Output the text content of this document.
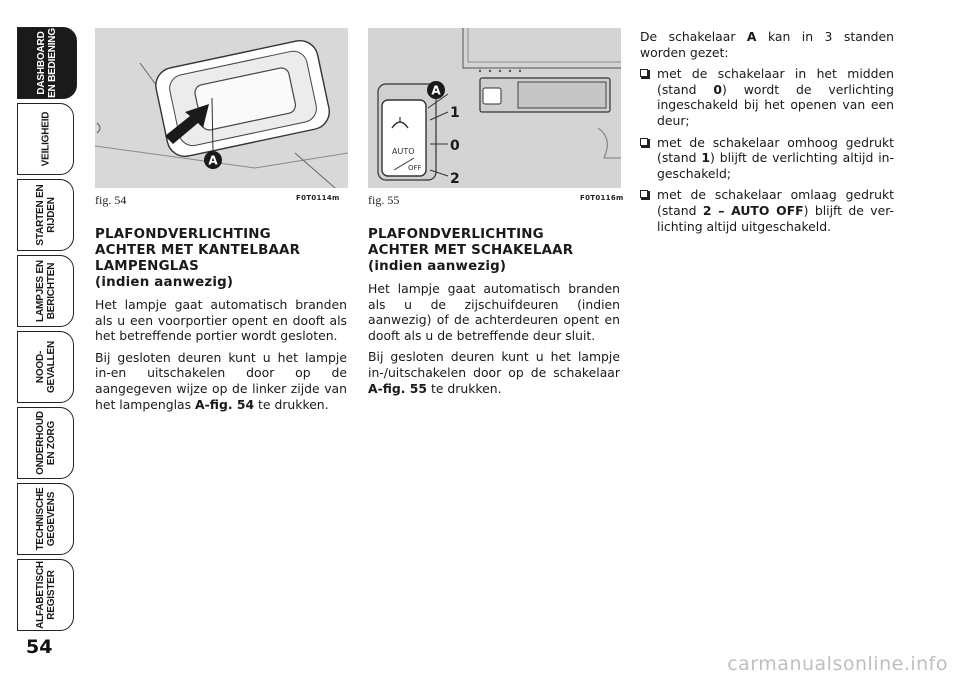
DASHBOARD
EN BEDIENING
VEILIGHEID
STARTEN EN
RIJDEN
LAMPJES EN
BERICHTEN
NOOD-
GEVALLEN
ONDERHOUD
EN ZORG
TECHNISCHE
GEGEVENS
ALFABETISCH
REGISTER
54
A
fig. 54	F0T0114m
AUTO
OFF
A
1
0
2
fig. 55	F0T0116m
PLAFONDVERLICHTING
ACHTER MET KANTELBAAR
LAMPENGLAS
(indien aanwezig)

Het lampje gaat automatisch branden als u een voorportier opent en dooft als het betreffende portier wordt gesloten.

Bij gesloten deuren kunt u het lampje in-en uitschakelen door op de aangegeven wijze op de linker zijde van het lampenglas A-fig. 54 te drukken.

PLAFONDVERLICHTING
ACHTER MET SCHAKELAAR
(indien aanwezig)

Het lampje gaat automatisch branden als u de zijschuifdeuren (indien aanwezig) of de achterdeuren opent en dooft als u de betreffende deur sluit.

Bij gesloten deuren kunt u het lampje in-/uitschakelen door op de schakelaar A-fig. 55 te drukken.

De schakelaar A kan in 3 standen worden gezet:

met de schakelaar in het midden (stand 0) wordt de verlichting ingeschakeld bij het openen van een deur;
met de schakelaar omhoog gedrukt (stand 1) blijft de verlichting altijd in-geschakeld;
met de schakelaar omlaag gedrukt (stand 2 – AUTO OFF) blijft de ver-lichting altijd uitgeschakeld.
carmanualsonline.info
